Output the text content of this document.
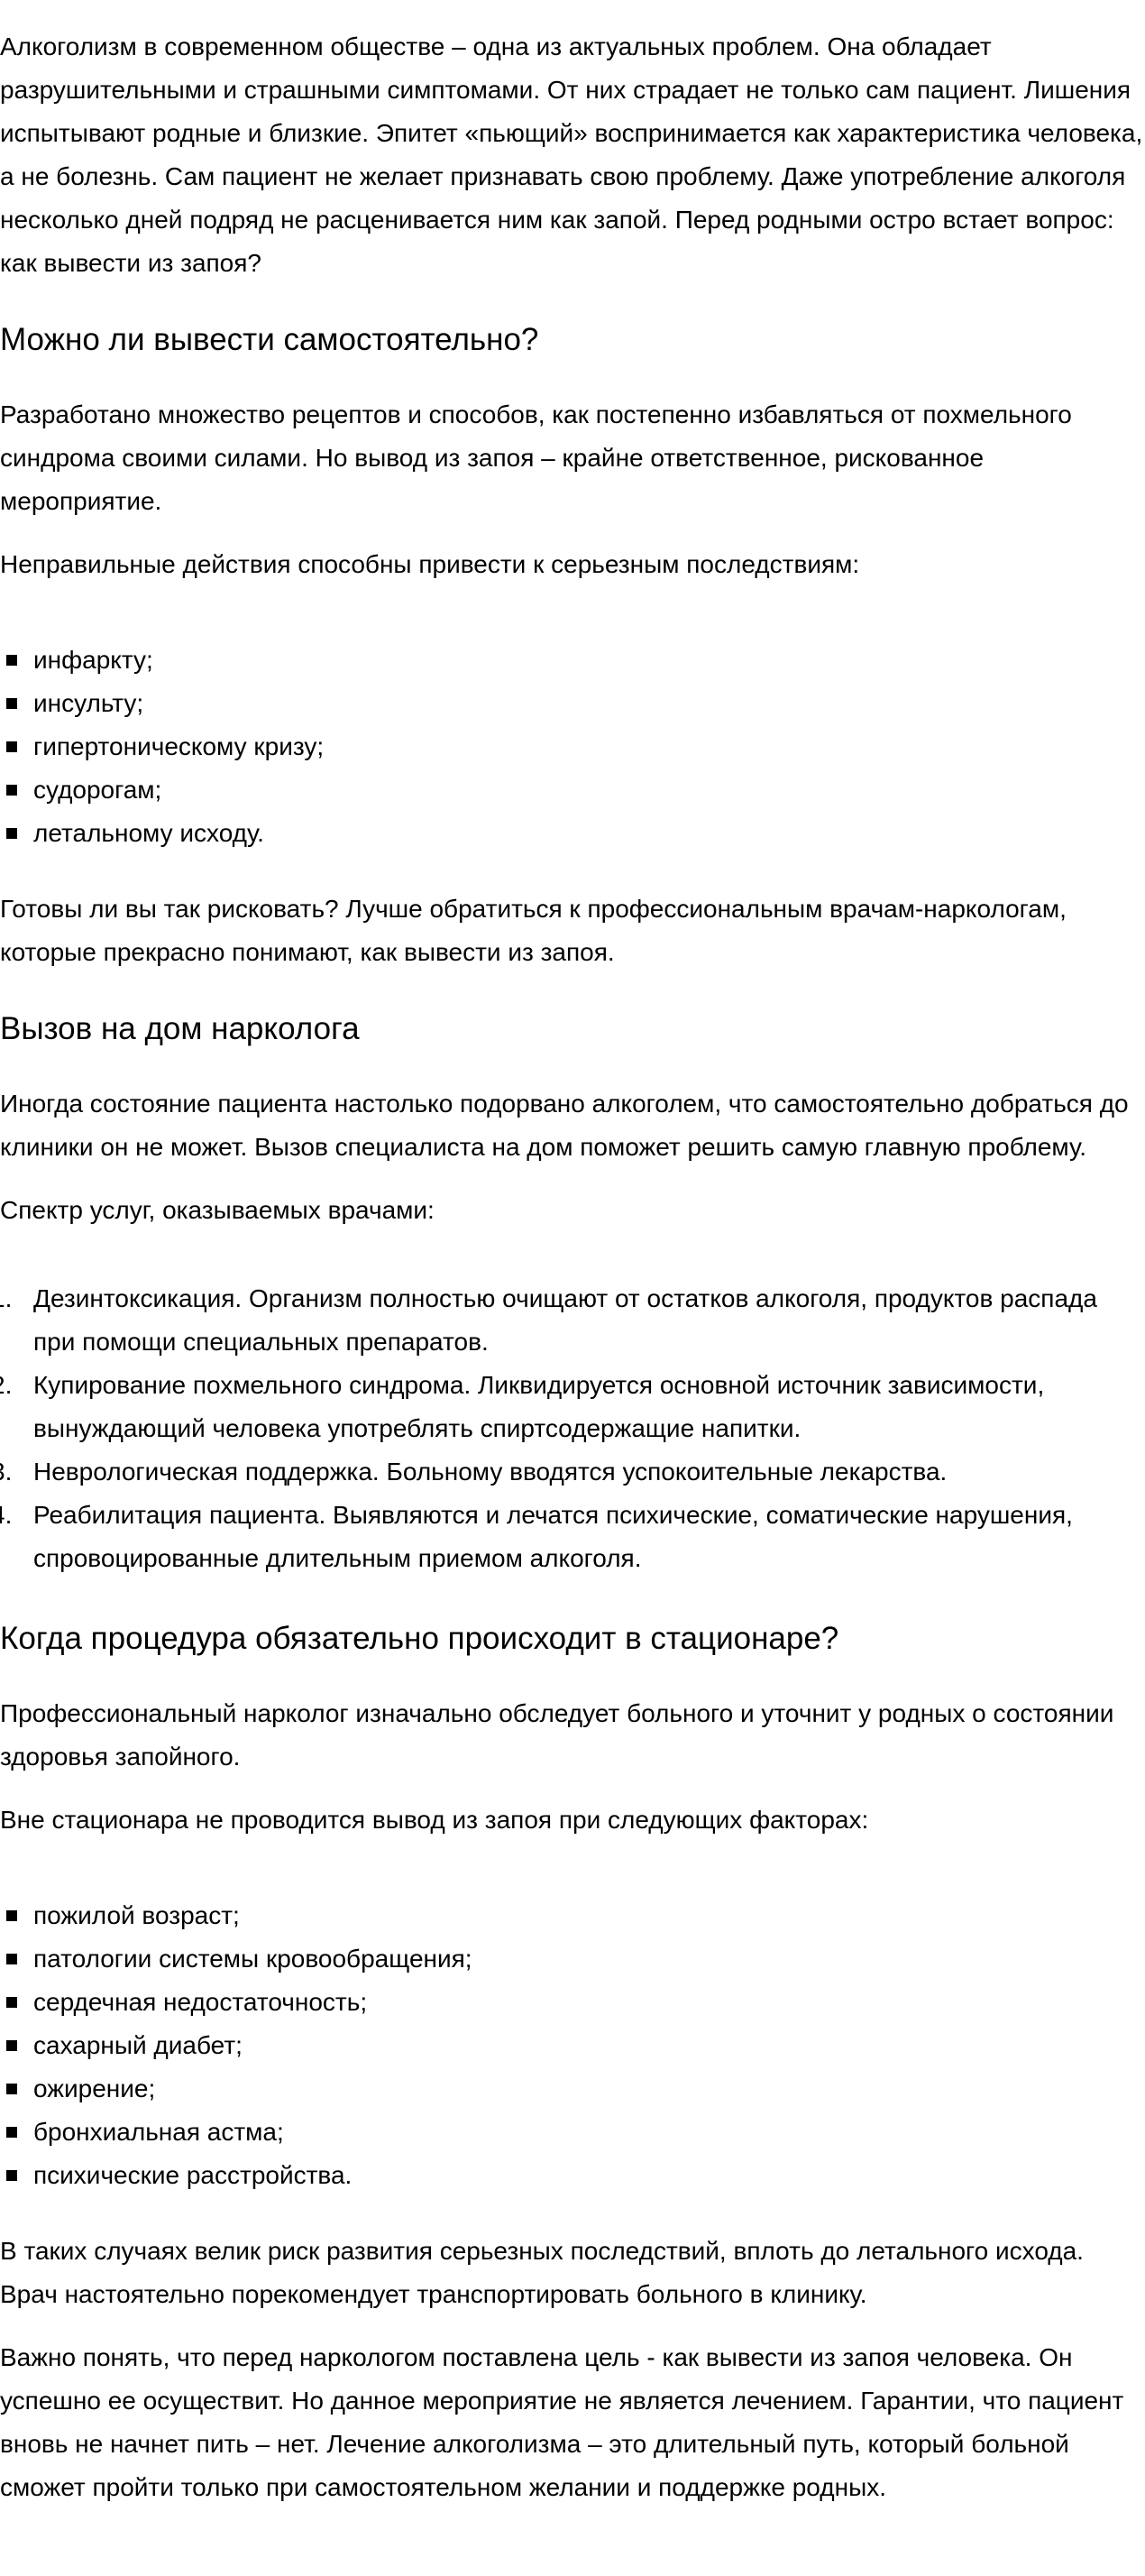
Алкоголизм в современном обществе – одна из актуальных проблем. Она обладает разрушительными и страшными симптомами. От них страдает не только сам пациент. Лишения испытывают родные и близкие. Эпитет «пьющий» воспринимается как характеристика человека, а не болезнь. Сам пациент не желает признавать свою проблему. Даже употребление алкоголя несколько дней подряд не расценивается ним как запой. Перед родными остро встает вопрос: как вывести из запоя?

Можно ли вывести самостоятельно?

Разработано множество рецептов и способов, как постепенно избавляться от похмельного синдрома своими силами. Но вывод из запоя – крайне ответственное, рискованное мероприятие.

Неправильные действия способны привести к серьезным последствиям:

инфаркту;
инсульту;
гипертоническому кризу;
судорогам;
летальному исходу.

Готовы ли вы так рисковать? Лучше обратиться к профессиональным врачам-наркологам, которые прекрасно понимают, как вывести из запоя.

Вызов на дом нарколога

Иногда состояние пациента настолько подорвано алкоголем, что самостоятельно добраться до клиники он не может. Вызов специалиста на дом поможет решить самую главную проблему.

Спектр услуг, оказываемых врачами:

Дезинтоксикация. Организм полностью очищают от остатков алкоголя, продуктов распада при помощи специальных препаратов.
Купирование похмельного синдрома. Ликвидируется основной источник зависимости, вынуждающий человека употреблять спиртсодержащие напитки.
Неврологическая поддержка. Больному вводятся успокоительные лекарства.
Реабилитация пациента. Выявляются и лечатся психические, соматические нарушения, спровоцированные длительным приемом алкоголя.
Когда процедура обязательно происходит в стационаре?

Профессиональный нарколог изначально обследует больного и уточнит у родных о состоянии здоровья запойного.

Вне стационара не проводится вывод из запоя при следующих факторах:

пожилой возраст;
патологии системы кровообращения;
сердечная недостаточность;
сахарный диабет;
ожирение;
бронхиальная астма;
психические расстройства.

В таких случаях велик риск развития серьезных последствий, вплоть до летального исхода. Врач настоятельно порекомендует транспортировать больного в клинику.

Важно понять, что перед наркологом поставлена цель - как вывести из запоя человека. Он успешно ее осуществит. Но данное мероприятие не является лечением. Гарантии, что пациент вновь не начнет пить – нет. Лечение алкоголизма – это длительный путь, который больной сможет пройти только при самостоятельном желании и поддержке родных.
